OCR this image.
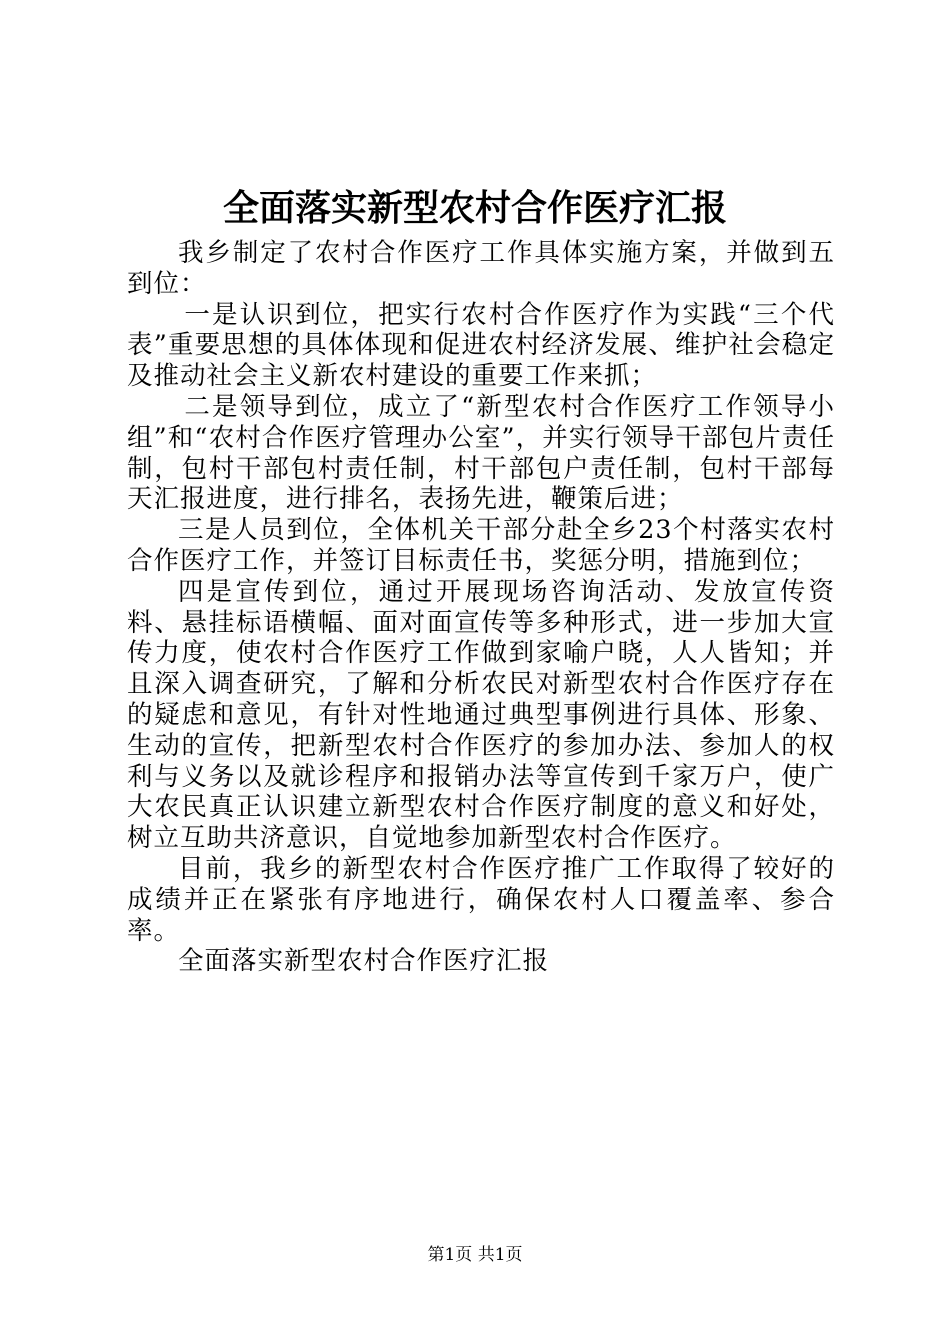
全面落实新型农村合作医疗汇报

我乡制定了农村合作医疗工作具体实施方案，并做到五到位：

一是认识到位，把实行农村合作医疗作为实践“三个代表”重要思想的具体体现和促进农村经济发展、维护社会稳定及推动社会主义新农村建设的重要工作来抓；

二是领导到位，成立了“新型农村合作医疗工作领导小组”和“农村合作医疗管理办公室”，并实行领导干部包片责任制，包村干部包村责任制，村干部包户责任制，包村干部每天汇报进度，进行排名，表扬先进，鞭策后进；

三是人员到位，全体机关干部分赴全乡23个村落实农村合作医疗工作，并签订目标责任书，奖惩分明，措施到位；

四是宣传到位，通过开展现场咨询活动、发放宣传资料、悬挂标语横幅、面对面宣传等多种形式，进一步加大宣传力度，使农村合作医疗工作做到家喻户晓，人人皆知；并且深入调查研究，了解和分析农民对新型农村合作医疗存在的疑虑和意见，有针对性地通过典型事例进行具体、形象、生动的宣传，把新型农村合作医疗的参加办法、参加人的权利与义务以及就诊程序和报销办法等宣传到千家万户，使广大农民真正认识建立新型农村合作医疗制度的意义和好处，树立互助共济意识，自觉地参加新型农村合作医疗。

目前，我乡的新型农村合作医疗推广工作取得了较好的成绩并正在紧张有序地进行，确保农村人口覆盖率、参合率。

全面落实新型农村合作医疗汇报

第1页 共1页
